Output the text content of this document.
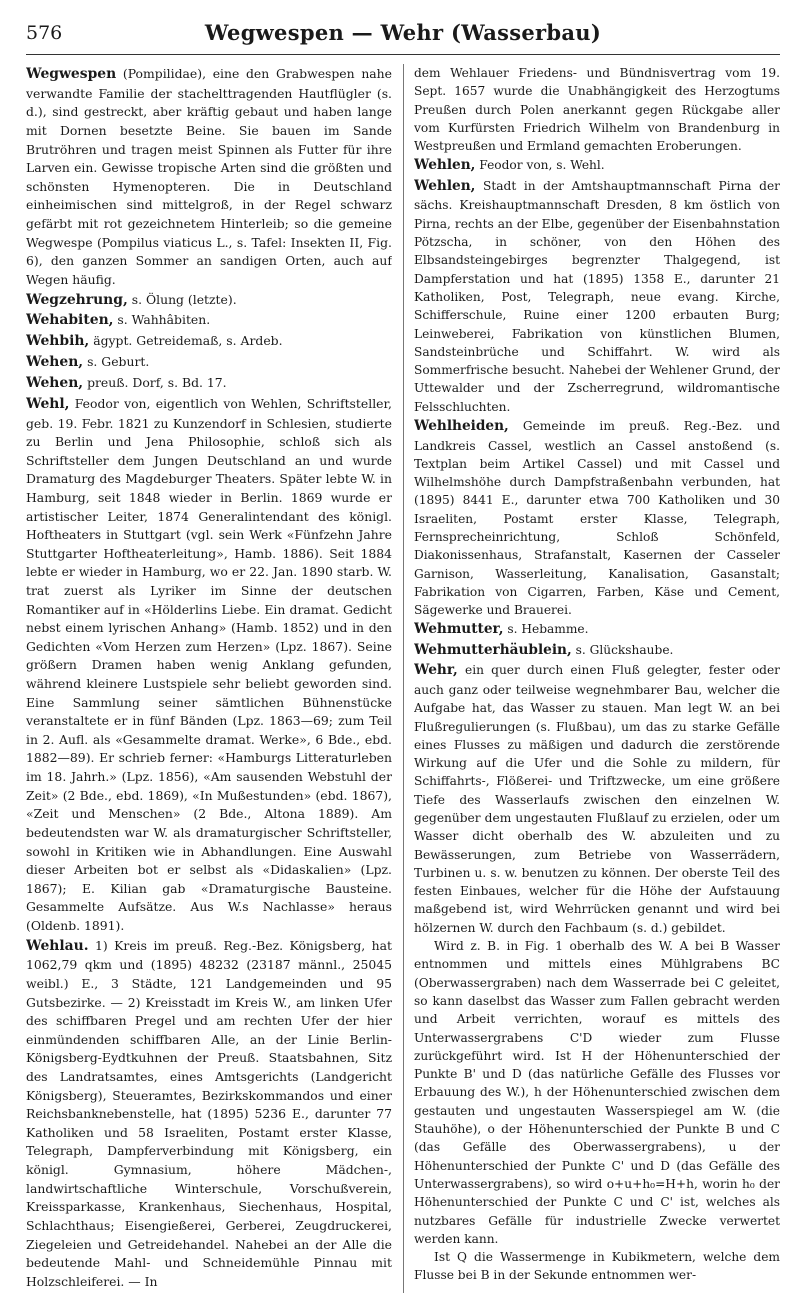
576	Wegwespen — Wehr (Wasserbau)

Wegwespen (Pompilidae), eine den Grabwespen nahe verwandte Familie der stachelttragenden Hautflügler (s. d.), sind gestreckt, aber kräftig gebaut und haben lange mit Dornen besetzte Beine. Sie bauen im Sande Brutröhren und tragen meist Spinnen als Futter für ihre Larven ein. Gewisse tropische Arten sind die größten und schönsten Hymenopteren. Die in Deutschland einheimischen sind mittelgroß, in der Regel schwarz gefärbt mit rot gezeichnetem Hinterleib; so die gemeine Wegwespe (Pompilus viaticus L., s. Tafel: Insekten II, Fig. 6), den ganzen Sommer an sandigen Orten, auch auf Wegen häufig.

Wegzehrung, s. Ölung (letzte).

Wehabiten, s. Wahhâbiten.

Wehbih, ägypt. Getreidemaß, s. Ardeb.

Wehen, s. Geburt.

Wehen, preuß. Dorf, s. Bd. 17.

Wehl, Feodor von, eigentlich von Wehlen, Schriftsteller, geb. 19. Febr. 1821 zu Kunzendorf in Schlesien, studierte zu Berlin und Jena Philosophie, schloß sich als Schriftsteller dem Jungen Deutschland an und wurde Dramaturg des Magdeburger Theaters. Später lebte W. in Hamburg, seit 1848 wieder in Berlin. 1869 wurde er artistischer Leiter, 1874 Generalintendant des königl. Hoftheaters in Stuttgart (vgl. sein Werk «Fünfzehn Jahre Stuttgarter Hoftheaterleitung», Hamb. 1886). Seit 1884 lebte er wieder in Hamburg, wo er 22. Jan. 1890 starb. W. trat zuerst als Lyriker im Sinne der deutschen Romantiker auf in «Hölderlins Liebe. Ein dramat. Gedicht nebst einem lyrischen Anhang» (Hamb. 1852) und in den Gedichten «Vom Herzen zum Herzen» (Lpz. 1867). Seine größern Dramen haben wenig Anklang gefunden, während kleinere Lustspiele sehr beliebt geworden sind. Eine Sammlung seiner sämtlichen Bühnenstücke veranstaltete er in fünf Bänden (Lpz. 1863—69; zum Teil in 2. Aufl. als «Gesammelte dramat. Werke», 6 Bde., ebd. 1882—89). Er schrieb ferner: «Hamburgs Litteraturleben im 18. Jahrh.» (Lpz. 1856), «Am sausenden Webstuhl der Zeit» (2 Bde., ebd. 1869), «In Mußestunden» (ebd. 1867), «Zeit und Menschen» (2 Bde., Altona 1889). Am bedeutendsten war W. als dramaturgischer Schriftsteller, sowohl in Kritiken wie in Abhandlungen. Eine Auswahl dieser Arbeiten bot er selbst als «Didaskalien» (Lpz. 1867); E. Kilian gab «Dramaturgische Bausteine. Gesammelte Aufsätze. Aus W.s Nachlasse» heraus (Oldenb. 1891).

Wehlau. 1) Kreis im preuß. Reg.-Bez. Königsberg, hat 1062,79 qkm und (1895) 48232 (23187 männl., 25045 weibl.) E., 3 Städte, 121 Landgemeinden und 95 Gutsbezirke. — 2) Kreisstadt im Kreis W., am linken Ufer des schiffbaren Pregel und am rechten Ufer der hier einmündenden schiffbaren Alle, an der Linie Berlin-Königsberg-Eydtkuhnen der Preuß. Staatsbahnen, Sitz des Landratsamtes, eines Amtsgerichts (Landgericht Königsberg), Steueramtes, Bezirkskommandos und einer Reichsbanknebenstelle, hat (1895) 5236 E., darunter 77 Katholiken und 58 Israeliten, Postamt erster Klasse, Telegraph, Dampferverbindung mit Königsberg, ein königl. Gymnasium, höhere Mädchen-, landwirtschaftliche Winterschule, Vorschußverein, Kreissparkasse, Krankenhaus, Siechenhaus, Hospital, Schlachthaus; Eisengießerei, Gerberei, Zeugdruckerei, Ziegeleien und Getreidehandel. Nahebei an der Alle die bedeutende Mahl- und Schneidemühle Pinnau mit Holzschleiferei. — In

dem Wehlauer Friedens- und Bündnisvertrag vom 19. Sept. 1657 wurde die Unabhängigkeit des Herzogtums Preußen durch Polen anerkannt gegen Rückgabe aller vom Kurfürsten Friedrich Wilhelm von Brandenburg in Westpreußen und Ermland gemachten Eroberungen.

Wehlen, Feodor von, s. Wehl.

Wehlen, Stadt in der Amtshauptmannschaft Pirna der sächs. Kreishauptmannschaft Dresden, 8 km östlich von Pirna, rechts an der Elbe, gegenüber der Eisenbahnstation Pötzscha, in schöner, von den Höhen des Elbsandsteingebirges begrenzter Thalgegend, ist Dampferstation und hat (1895) 1358 E., darunter 21 Katholiken, Post, Telegraph, neue evang. Kirche, Schifferschule, Ruine einer 1200 erbauten Burg; Leinweberei, Fabrikation von künstlichen Blumen, Sandsteinbrüche und Schiffahrt. W. wird als Sommerfrische besucht. Nahebei der Wehlener Grund, der Uttewalder und der Zscherregrund, wildromantische Felsschluchten.

Wehlheiden, Gemeinde im preuß. Reg.-Bez. und Landkreis Cassel, westlich an Cassel anstoßend (s. Textplan beim Artikel Cassel) und mit Cassel und Wilhelmshöhe durch Dampfstraßenbahn verbunden, hat (1895) 8441 E., darunter etwa 700 Katholiken und 30 Israeliten, Postamt erster Klasse, Telegraph, Fernsprecheinrichtung, Schloß Schönfeld, Diakonissenhaus, Strafanstalt, Kasernen der Casseler Garnison, Wasserleitung, Kanalisation, Gasanstalt; Fabrikation von Cigarren, Farben, Käse und Cement, Sägewerke und Brauerei.

Wehmutter, s. Hebamme.

Wehmutterhäublein, s. Glückshaube.

Wehr, ein quer durch einen Fluß gelegter, fester oder auch ganz oder teilweise wegnehmbarer Bau, welcher die Aufgabe hat, das Wasser zu stauen. Man legt W. an bei Flußregulierungen (s. Flußbau), um das zu starke Gefälle eines Flusses zu mäßigen und dadurch die zerstörende Wirkung auf die Ufer und die Sohle zu mildern, für Schiffahrts-, Flößerei- und Triftzwecke, um eine größere Tiefe des Wasserlaufs zwischen den einzelnen W. gegenüber dem ungestauten Flußlauf zu erzielen, oder um Wasser dicht oberhalb des W. abzuleiten und zu Bewässerungen, zum Betriebe von Wasserrädern, Turbinen u. s. w. benutzen zu können. Der oberste Teil des festen Einbaues, welcher für die Höhe der Aufstauung maßgebend ist, wird Wehrrücken genannt und wird bei hölzernen W. durch den Fachbaum (s. d.) gebildet.

Wird z. B. in Fig. 1 oberhalb des W. A bei B Wasser entnommen und mittels eines Mühlgrabens BC (Oberwassergraben) nach dem Wasserrade bei C geleitet, so kann daselbst das Wasser zum Fallen gebracht werden und Arbeit verrichten, worauf es mittels des Unterwassergrabens C'D wieder zum Flusse zurückgeführt wird. Ist H der Höhenunterschied der Punkte B' und D (das natürliche Gefälle des Flusses vor Erbauung des W.), h der Höhenunterschied zwischen dem gestauten und ungestauten Wasserspiegel am W. (die Stauhöhe), o der Höhenunterschied der Punkte B und C (das Gefälle des Oberwassergrabens), u der Höhenunterschied der Punkte C' und D (das Gefälle des Unterwassergrabens), so wird o+u+h₀=H+h, worin h₀ der Höhenunterschied der Punkte C und C' ist, welches als nutzbares Gefälle für industrielle Zwecke verwertet werden kann.

Ist Q die Wassermenge in Kubikmetern, welche dem Flusse bei B in der Sekunde entnommen wer-
